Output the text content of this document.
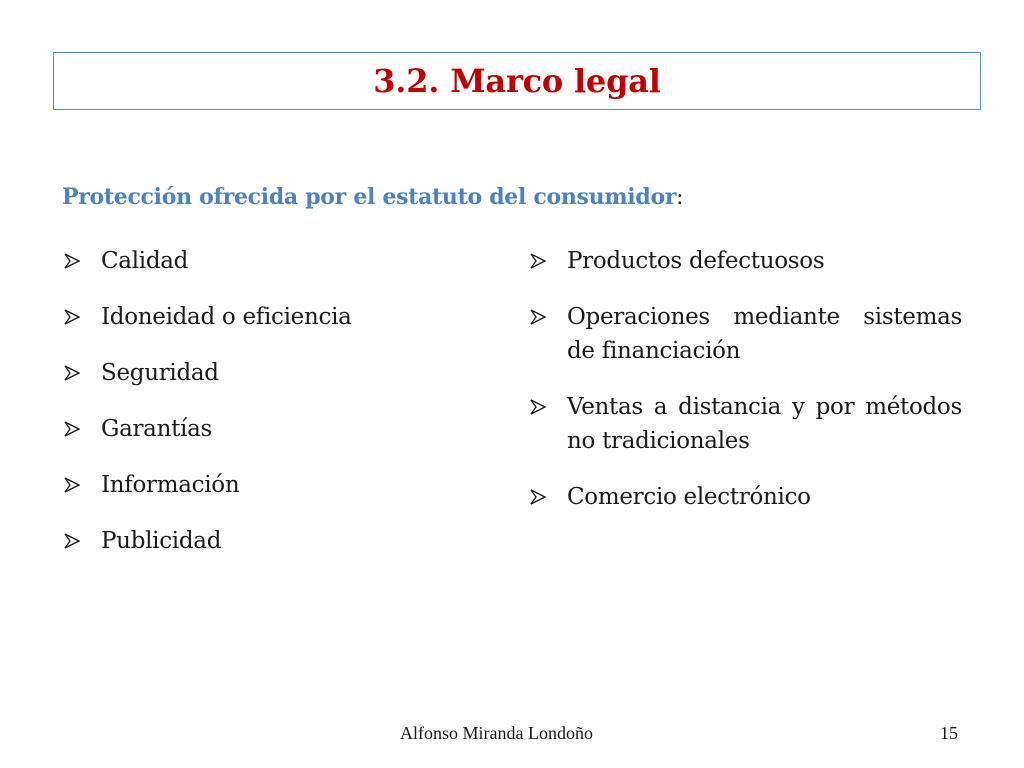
3.2. Marco legal
Protección ofrecida por el estatuto del consumidor:
Calidad
Idoneidad o eficiencia
Seguridad
Garantías
Información
Publicidad
Productos defectuosos
Operaciones mediante sistemas de financiación
Ventas a distancia y por métodos no tradicionales
Comercio electrónico
Alfonso Miranda Londoño	15
